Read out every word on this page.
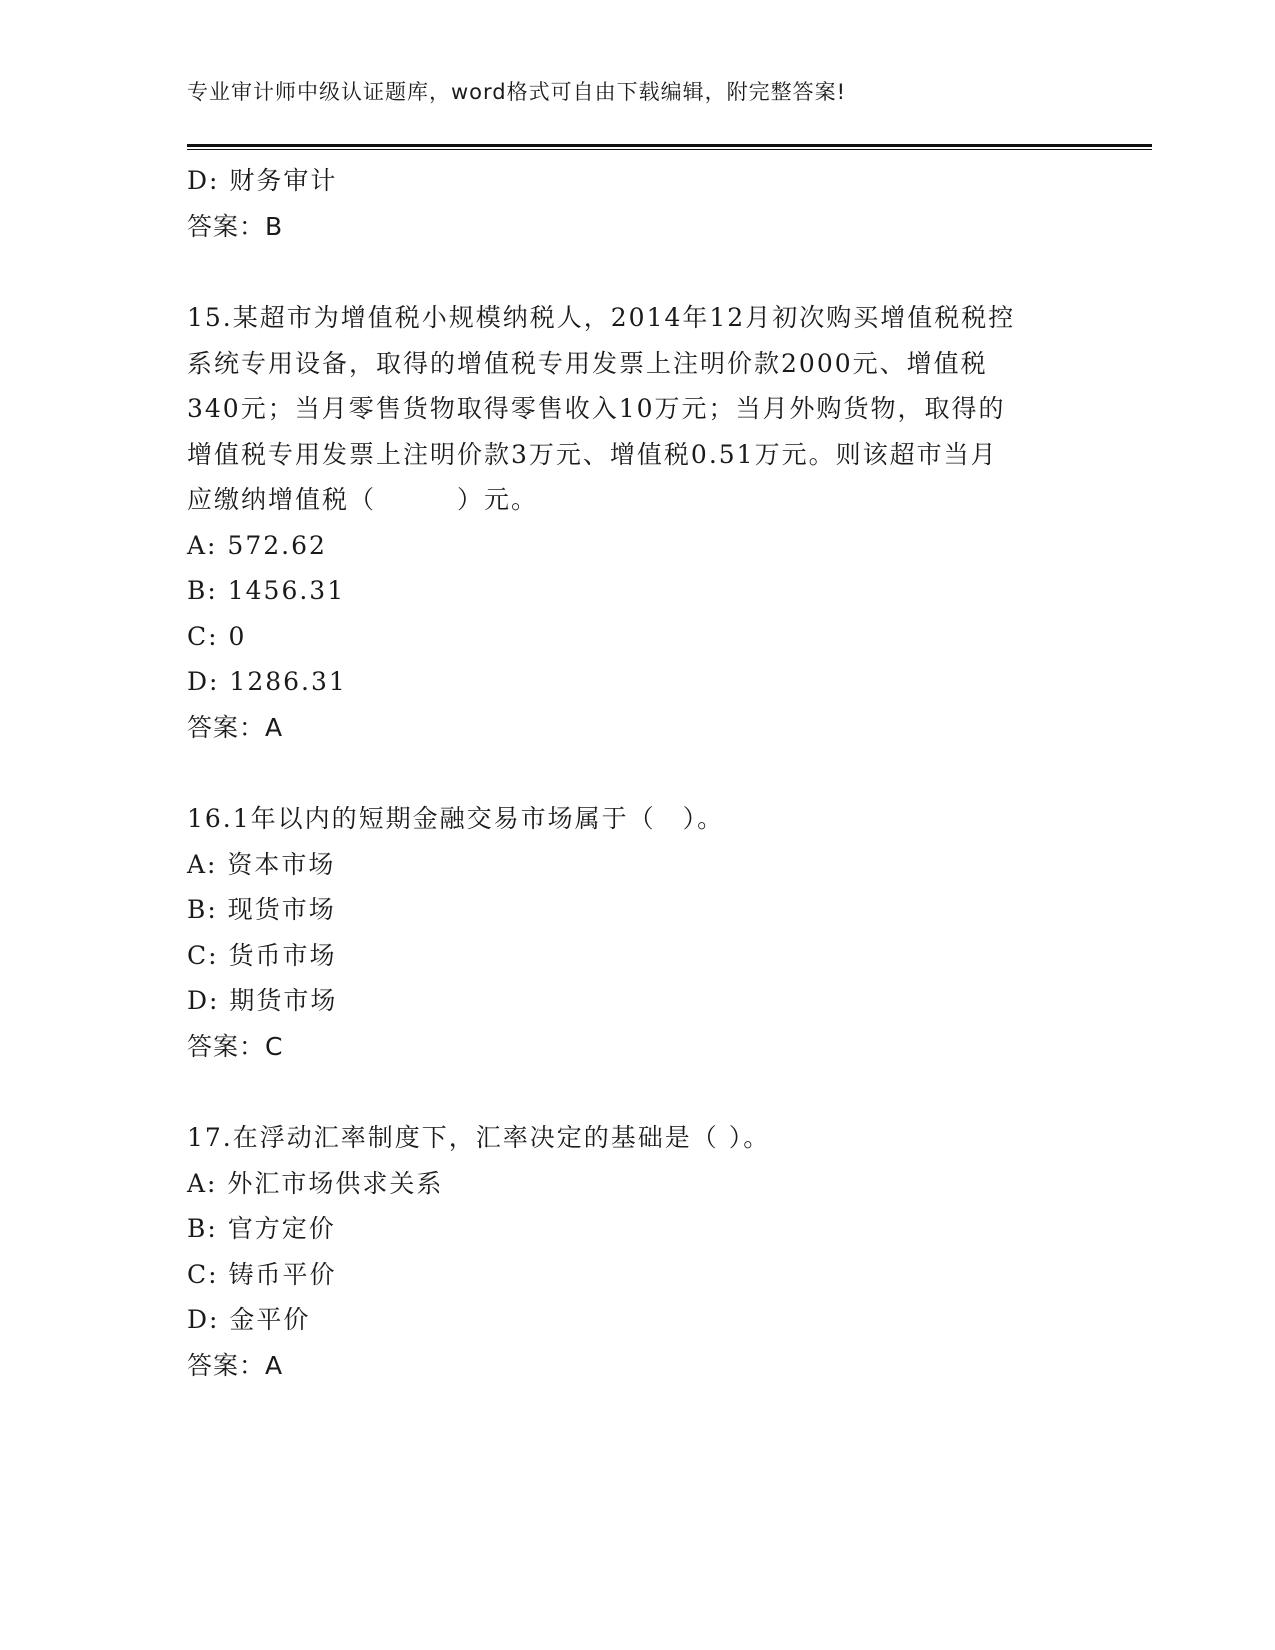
专业审计师中级认证题库，word格式可自由下载编辑，附完整答案!
D: 财务审计
答案：B
15.某超市为增值税小规模纳税人，2014年12月初次购买增值税税控
系统专用设备，取得的增值税专用发票上注明价款2000元、增值税
340元；当月零售货物取得零售收入10万元；当月外购货物，取得的
增值税专用发票上注明价款3万元、增值税0.51万元。则该超市当月
应缴纳增值税（　　　）元。
A: 572.62
B: 1456.31
C: 0
D: 1286.31
答案：A
16.1年以内的短期金融交易市场属于（　）。
A: 资本市场
B: 现货市场
C: 货币市场
D: 期货市场
答案：C
17.在浮动汇率制度下，汇率决定的基础是（ ）。
A: 外汇市场供求关系
B: 官方定价
C: 铸币平价
D: 金平价
答案：A
